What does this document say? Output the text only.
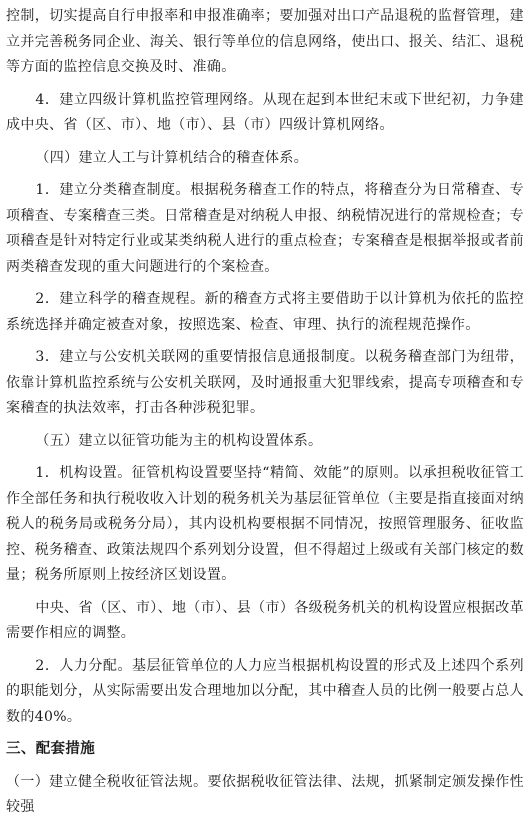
控制，切实提高自行申报率和申报准确率；要加强对出口产品退税的监督管理，建立并完善税务同企业、海关、银行等单位的信息网络，使出口、报关、结汇、退税等方面的监控信息交换及时、准确。

4．建立四级计算机监控管理网络。从现在起到本世纪末或下世纪初，力争建成中央、省（区、市）、地（市）、县（市）四级计算机网络。

（四）建立人工与计算机结合的稽查体系。

1．建立分类稽查制度。根据税务稽查工作的特点，将稽查分为日常稽查、专项稽查、专案稽查三类。日常稽查是对纳税人申报、纳税情况进行的常规检查；专项稽查是针对特定行业或某类纳税人进行的重点检查；专案稽查是根据举报或者前两类稽查发现的重大问题进行的个案检查。

2．建立科学的稽查规程。新的稽查方式将主要借助于以计算机为依托的监控系统选择并确定被查对象，按照选案、检查、审理、执行的流程规范操作。

3．建立与公安机关联网的重要情报信息通报制度。以税务稽查部门为纽带，依靠计算机监控系统与公安机关联网，及时通报重大犯罪线索，提高专项稽查和专案稽查的执法效率，打击各种涉税犯罪。

（五）建立以征管功能为主的机构设置体系。

1．机构设置。征管机构设置要坚持“精简、效能”的原则。以承担税收征管工作全部任务和执行税收收入计划的税务机关为基层征管单位（主要是指直接面对纳税人的税务局或税务分局），其内设机构要根据不同情况，按照管理服务、征收监控、税务稽查、政策法规四个系列划分设置，但不得超过上级或有关部门核定的数量；税务所原则上按经济区划设置。

中央、省（区、市）、地（市）、县（市）各级税务机关的机构设置应根据改革需要作相应的调整。

2．人力分配。基层征管单位的人力应当根据机构设置的形式及上述四个系列的职能划分，从实际需要出发合理地加以分配，其中稽查人员的比例一般要占总人数的40%。

三、配套措施

（一）建立健全税收征管法规。要依据税收征管法律、法规，抓紧制定颁发操作性较强
